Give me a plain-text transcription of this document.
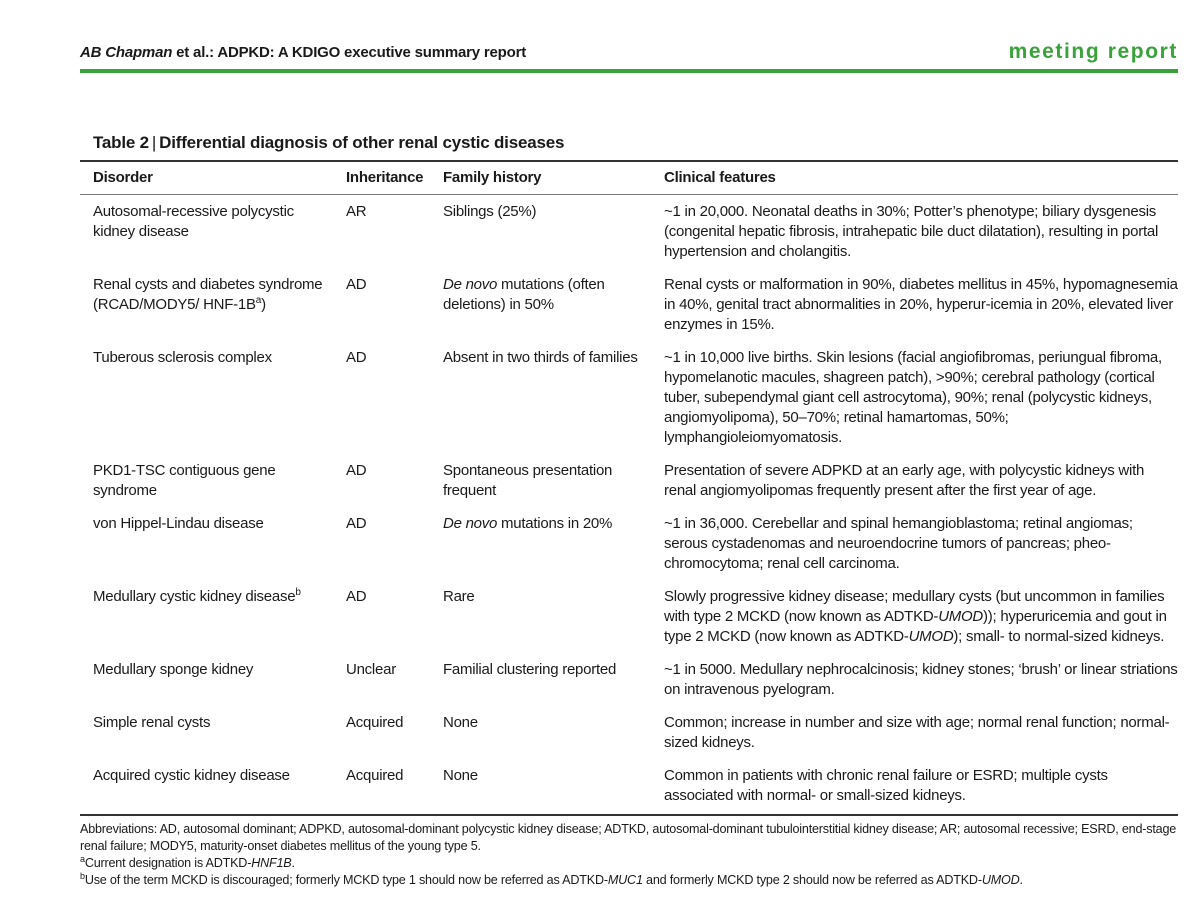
AB Chapman et al.: ADPKD: A KDIGO executive summary report	meeting report
Table 2 | Differential diagnosis of other renal cystic diseases
Disorder	Inheritance	Family history	Clinical features
Autosomal-recessive polycystic kidney disease	AR	Siblings (25%)	~1 in 20,000. Neonatal deaths in 30%; Potter’s phenotype; biliary dysgenesis (congenital hepatic fibrosis, intrahepatic bile duct dilatation), resulting in portal hypertension and cholangitis.
Renal cysts and diabetes syndrome (RCAD/MODY5/ HNF-$1B^a$)	AD	De novo mutations (often deletions) in 50%	Renal cysts or malformation in 90%, diabetes mellitus in 45%, hypomagnesemia in 40%, genital tract abnormalities in 20%, hyperur-icemia in 20%, elevated liver enzymes in 15%.
Tuberous sclerosis complex	AD	Absent in two thirds of families	~1 in 10,000 live births. Skin lesions (facial angiofibromas, periungual fibroma, hypomelanotic macules, shagreen patch), >90%; cerebral pathology (cortical tuber, subependymal giant cell astrocytoma), 90%; renal (polycystic kidneys, angiomyolipoma), 50–70%; retinal hamartomas, 50%; lymphangioleiomyomatosis.
PKD1-TSC contiguous gene syndrome	AD	Spontaneous presentation frequent	Presentation of severe ADPKD at an early age, with polycystic kidneys with renal angiomyolipomas frequently present after the first year of age.
von Hippel-Lindau disease	AD	De novo mutations in 20%	~1 in 36,000. Cerebellar and spinal hemangioblastoma; retinal angiomas; serous cystadenomas and neuroendocrine tumors of pancreas; pheo-chromocytoma; renal cell carcinoma.
Medullary cystic kidney disease$^b$	AD	Rare	Slowly progressive kidney disease; medullary cysts (but uncommon in families with type 2 MCKD (now known as ADTKD-UMOD)); hyperuricemia and gout in type 2 MCKD (now known as ADTKD-UMOD); small- to normal-sized kidneys.
Medullary sponge kidney	Unclear	Familial clustering reported	~1 in 5000. Medullary nephrocalcinosis; kidney stones; ‘brush’ or linear striations on intravenous pyelogram.
Simple renal cysts	Acquired	None	Common; increase in number and size with age; normal renal function; normal-sized kidneys.
Acquired cystic kidney disease	Acquired	None	Common in patients with chronic renal failure or ESRD; multiple cysts associated with normal- or small-sized kidneys.
Abbreviations: AD, autosomal dominant; ADPKD, autosomal-dominant polycystic kidney disease; ADTKD, autosomal-dominant tubulointerstitial kidney disease; AR; autosomal recessive; ESRD, end-stage renal failure; MODY5, maturity-onset diabetes mellitus of the young type 5.
$^a$Current designation is ADTKD-HNF1B.
$^b$Use of the term MCKD is discouraged; formerly MCKD type 1 should now be referred as ADTKD-MUC1 and formerly MCKD type 2 should now be referred as ADTKD-UMOD.
